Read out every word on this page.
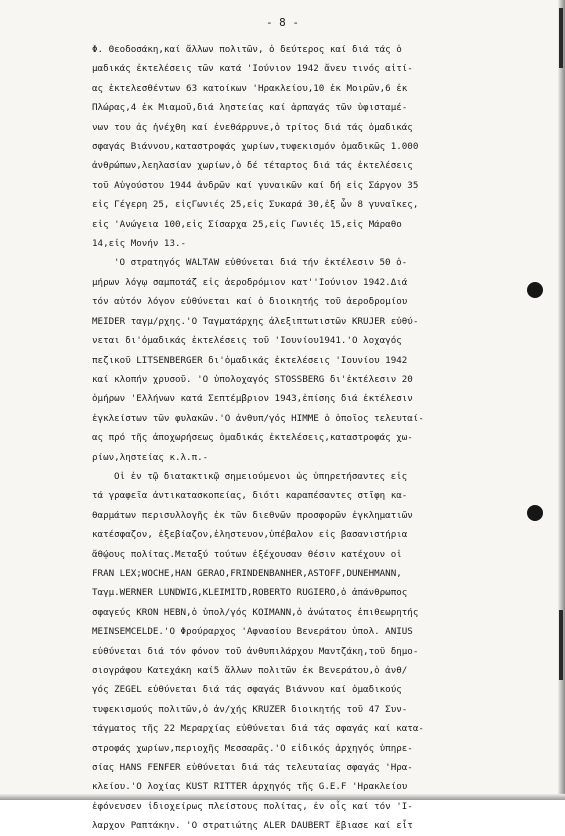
- 8 -
Φ. Θεοδοσάκη,καί ἄλλων πολιτῶν, ὁ δεύτερος καί διά τάς ὁ
μαδικάς ἐκτελέσεις τῶν κατά 'Ιούνιον 1942 ἄνευ τινός αἰτί-
ας ἐκτελεσθέντων 63 κατοίκων 'Ηρακλείου,10 ἐκ Μοιρῶν,6 ἐκ
Πλώρας,4 ἐκ Μιαμοῦ,διά ληστείας καί ἁρπαγάς τῶν ὑφισταμέ-
νων του ἀς ἠνέχθη καί ἐνεθάρρυνε,ὁ τρίτος διά τάς ὁμαδικάς
σφαγάς Βιάννου,καταστροφάς χωρίων,τυφεκισμόν ὁμαδικῶς 1.000
ἀνθρώπων,λεηλασίαν χωρίων,ὁ δέ τέταρτος διά τάς ἐκτελέσεις
τοῦ Αὐγούστου 1944 ἀνδρῶν καί γυναικῶν καί δή εἰς Σάργον 35
εἰς Γέγερη 25, εἰςΓωνιές 25,εἰς Συκαρά 30,ἐξ ὧν 8 γυναῖκες,
εἰς 'Ανώγεια 100,εἰς Σίσαρχα 25,εἰς Γωνιές 15,εἰς Μάραθο
14,εἰς Μονήν 13.-
'Ο στρατηγός WALTAW εὐθύνεται διά τήν ἐκτέλεσιν 50 ὁ-
μήρων λόγῳ σαμποτάζ εἰς ἀεροδρόμιον κατ''Ιούνιον 1942.Διά
τόν αὐτόν λόγον εὐθύνεται καί ὁ διοικητής τοῦ ἀεροδρομίου
MEIDER ταγμ/ρχης.'Ο Ταγματάρχης ἀλεξιπτωτιστῶν KRUJER εὐθύ-
νεται δι'ὁμαδικάς ἐκτελέσεις τοῦ 'Ιουνίου1941.'Ο λοχαγός
πεζικοῦ LITSENBERGER δι'ὁμαδικάς ἐκτελέσεις 'Ιουνίου 1942
καί κλοπήν χρυσοῦ. 'Ο ὑπολοχαγός STOSSBERG δι'ἐκτέλεσιν 20
ὁμήρων 'Ελλήνων κατά Σεπτέμβριον 1943,ἐπίσης διά ἐκτέλεσιν
ἐγκλείστων τῶν φυλακῶν.'Ο ἀνθυπ/γός HIMME ὁ ὁποῖος τελευταί-
ας πρό τῆς ἀποχωρήσεως ὁμαδικάς ἐκτελέσεις,καταστροφάς χω-
ρίων,ληστείας κ.λ.π.-
Οἱ ἐν τῷ διατακτικῷ σημειούμενοι ὡς ὑπηρετήσαντες εἰς
τά γραφεῖα ἀντικατασκοπείας, διότι καραπέσαντες στῖφη κα-
θαρμάτων περισυλλογῆς ἐκ τῶν διεθνῶν προσφορῶν ἐγκληματιῶν
κατέσφαζον, ἐξεβίαζον,ἐληστευον,ὑπέβαλον εἰς βασανιστήρια
ἄθῴους πολίτας.Μεταξύ τούτων ἐξέχουσαν θέσιν κατέχουν οἱ
FRAN LEX;WOCHE,HAN GERAO,FRINDENBANHER,ASTOFF,DUNEHMANN,
Ταγμ.WERNER LUNDWIG,KLEIMITD,ROBERTO RUGIERO,ὁ ἀπάνθρωπος
σφαγεύς KRON HEBN,ὁ ὑπολ/γός KOIMANN,ὁ ἀνώτατος ἐπιθεωρητής
MEINSEMCELDE.'Ο Φρούραρχος 'Αφνασίου Βενεράτου ὑπολ. ANIUS
εὐθύνεται διά τόν φόνον τοῦ ἀνθυπιλάρχου Μαντζάκη,τοῦ δημο-
σιογράφου Κατεχάκη καί5 ἄλλων πολιτῶν ἐκ Βενεράτου,ὁ ἀνθ/
γός ZEGEL εὐθύνεται διά τάς σφαγάς Βιάννου καί ὁμαδικούς
τυφεκισμούς πολιτῶν,ὁ ἀν/χής KRUZER διοικητής τοῦ 47 Συν-
τάγματος τῆς 22 Μεραρχίας εὐθύνεται διά τάς σφαγάς καί κατα-
στροφάς χωρίων,περιοχῆς Μεσσαρᾶς.'Ο εἰδικός ἀρχηγός ὑπηρε-
σίας HANS FENFER εὐθύνεται διά τάς τελευταίας σφαγάς 'Ηρα-
κλείου.'Ο λοχίας KUST RITTER ἀρχηγός τῆς G.E.F 'Ηρακλείου
ἐφόνευσεν ἰδιοχείρως πλείστους πολίτας, ἐν οἷς καί τόν 'Ι-
λαρχον Ραπτάκην. 'Ο στρατιώτης ALER DAUBERT ἔβιασε καί εἶτ
